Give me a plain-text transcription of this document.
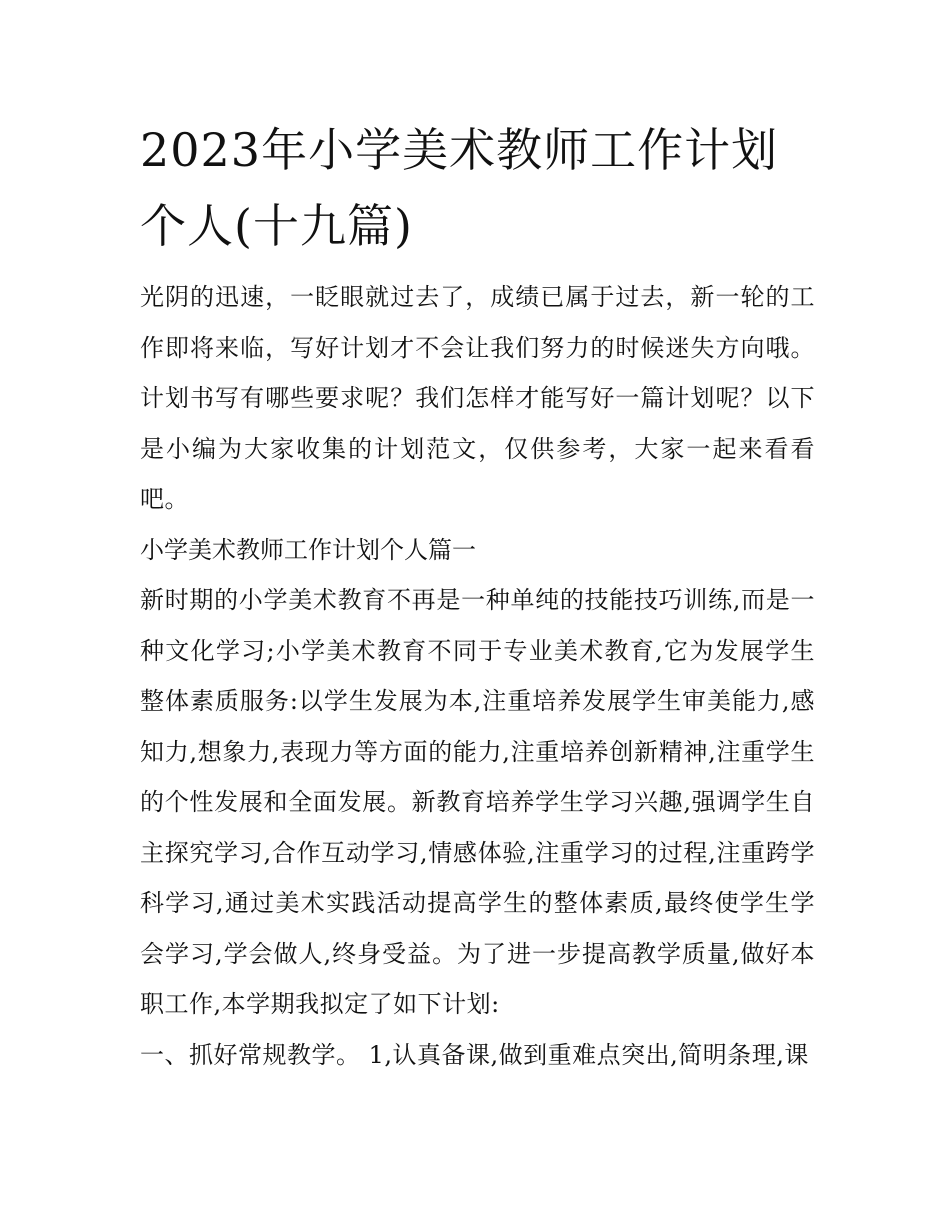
2023年小学美术教师工作计划个人(十九篇)

光阴的迅速，一眨眼就过去了，成绩已属于过去，新一轮的工作即将来临，写好计划才不会让我们努力的时候迷失方向哦。计划书写有哪些要求呢？我们怎样才能写好一篇计划呢？以下是小编为大家收集的计划范文，仅供参考，大家一起来看看吧。

小学美术教师工作计划个人篇一

新时期的小学美术教育不再是一种单纯的技能技巧训练,而是一种文化学习;小学美术教育不同于专业美术教育,它为发展学生整体素质服务:以学生发展为本,注重培养发展学生审美能力,感知力,想象力,表现力等方面的能力,注重培养创新精神,注重学生的个性发展和全面发展。新教育培养学生学习兴趣,强调学生自主探究学习,合作互动学习,情感体验,注重学习的过程,注重跨学科学习,通过美术实践活动提高学生的整体素质,最终使学生学会学习,学会做人,终身受益。为了进一步提高教学质量,做好本职工作,本学期我拟定了如下计划:

一、抓好常规教学。 1,认真备课,做到重难点突出,简明条理,课
